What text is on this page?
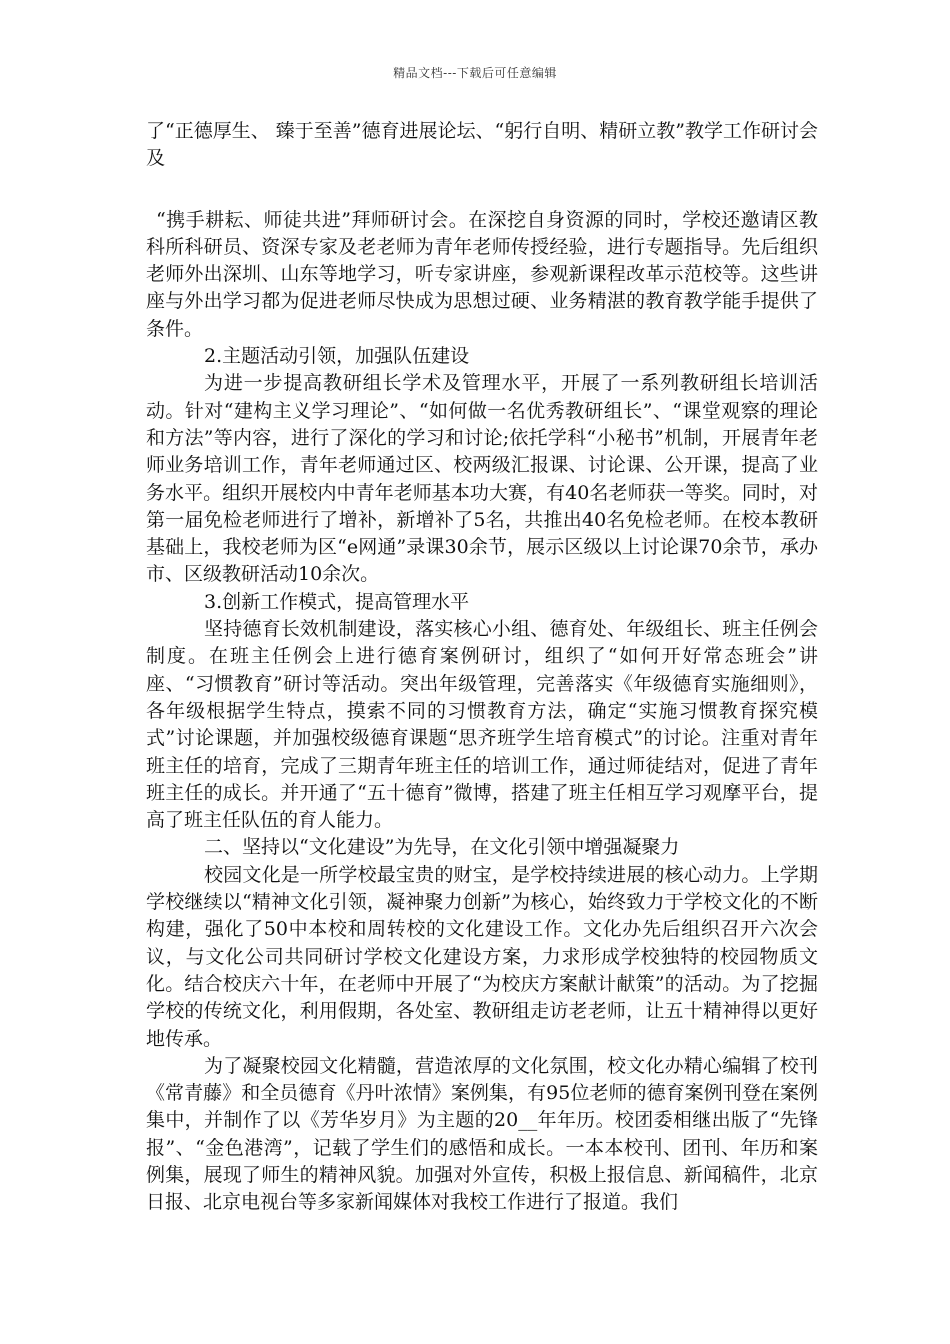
精品文档---下载后可任意编辑

了“正德厚生、 臻于至善”德育进展论坛、“躬行自明、精研立教”教学工作研讨会及

“携手耕耘、师徒共进”拜师研讨会。在深挖自身资源的同时，学校还邀请区教科所科研员、资深专家及老老师为青年老师传授经验，进行专题指导。先后组织老师外出深圳、山东等地学习，听专家讲座，参观新课程改革示范校等。这些讲座与外出学习都为促进老师尽快成为思想过硬、业务精湛的教育教学能手提供了条件。

2.主题活动引领，加强队伍建设

为进一步提高教研组长学术及管理水平，开展了一系列教研组长培训活动。针对“建构主义学习理论”、“如何做一名优秀教研组长”、“课堂观察的理论和方法”等内容，进行了深化的学习和讨论;依托学科“小秘书”机制，开展青年老师业务培训工作，青年老师通过区、校两级汇报课、讨论课、公开课，提高了业务水平。组织开展校内中青年老师基本功大赛，有40名老师获一等奖。同时，对第一届免检老师进行了增补，新增补了5名，共推出40名免检老师。在校本教研基础上，我校老师为区“e网通”录课30余节，展示区级以上讨论课70余节，承办市、区级教研活动10余次。

3.创新工作模式，提高管理水平

坚持德育长效机制建设，落实核心小组、德育处、年级组长、班主任例会制度。在班主任例会上进行德育案例研讨，组织了“如何开好常态班会”讲座、“习惯教育”研讨等活动。突出年级管理，完善落实《年级德育实施细则》，各年级根据学生特点，摸索不同的习惯教育方法，确定“实施习惯教育探究模式”讨论课题，并加强校级德育课题“思齐班学生培育模式”的讨论。注重对青年班主任的培育，完成了三期青年班主任的培训工作，通过师徒结对，促进了青年班主任的成长。并开通了“五十德育”微博，搭建了班主任相互学习观摩平台，提高了班主任队伍的育人能力。

二、坚持以“文化建设”为先导，在文化引领中增强凝聚力

校园文化是一所学校最宝贵的财宝，是学校持续进展的核心动力。上学期学校继续以“精神文化引领，凝神聚力创新”为核心，始终致力于学校文化的不断构建，强化了50中本校和周转校的文化建设工作。文化办先后组织召开六次会议，与文化公司共同研讨学校文化建设方案，力求形成学校独特的校园物质文化。结合校庆六十年，在老师中开展了“为校庆方案献计献策”的活动。为了挖掘学校的传统文化，利用假期，各处室、教研组走访老老师，让五十精神得以更好地传承。

为了凝聚校园文化精髓，营造浓厚的文化氛围，校文化办精心编辑了校刊《常青藤》和全员德育《丹叶浓情》案例集，有95位老师的德育案例刊登在案例集中，并制作了以《芳华岁月》为主题的20__年年历。校团委相继出版了“先锋报”、“金色港湾”，记载了学生们的感悟和成长。一本本校刊、团刊、年历和案例集，展现了师生的精神风貌。加强对外宣传，积极上报信息、新闻稿件，北京日报、北京电视台等多家新闻媒体对我校工作进行了报道。我们
